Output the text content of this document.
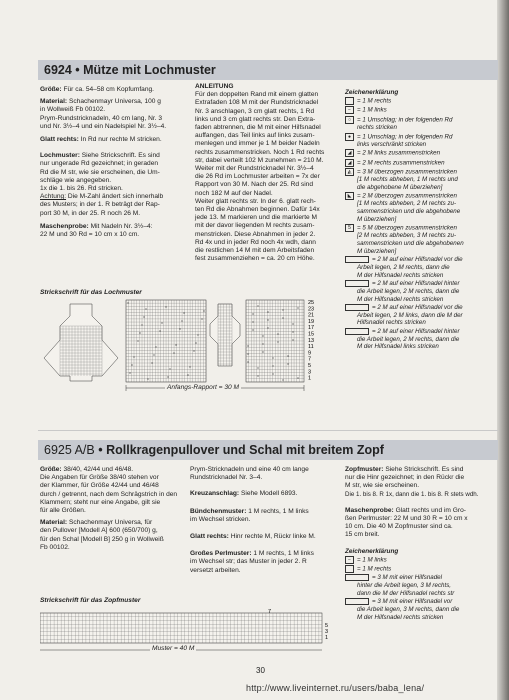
6924 • Mütze mit Lochmuster

Größe: Für ca. 54–58 cm Kopfumfang.

Material: Schachenmayr Universa, 100 g
in Wollweiß Fb 00102.
Prym-Rundstricknadeln, 40 cm lang, Nr. 3
und Nr. 3½–4 und ein Nadelspiel Nr. 3½–4.

Glatt rechts: In Rd nur rechte M stricken.

Lochmuster: Siehe Strickschrift. Es sind
nur ungerade Rd gezeichnet; in geraden
Rd die M str, wie sie erscheinen, die Um-
schläge wie angegeben.
1x die 1. bis 26. Rd stricken.
Achtung: Die M-Zahl ändert sich innerhalb
des Musters; in der 1. R beträgt der Rap-
port 30 M, in der 25. R noch 26 M.

Maschenprobe: Mit Nadeln Nr. 3½–4:
22 M und 30 Rd = 10 cm x 10 cm.

ANLEITUNG
Für den doppelten Rand mit einem glatten
Extrafaden 108 M mit der Rundstricknadel
Nr. 3 anschlagen, 3 cm glatt rechts, 1 Rd
links und 3 cm glatt rechts str. Den Extra-
faden abtrennen, die M mit einer Hilfsnadel
auffangen, das Teil links auf links zusam-
menlegen und immer je 1 M beider Nadeln
rechts zusammenstricken. Noch 1 Rd rechts
str, dabei verteilt 102 M zunehmen = 210 M.
Weiter mit der Rundstricknadel Nr. 3½–4
die 26 Rd im Lochmuster arbeiten = 7x der
Rapport von 30 M. Nach der 25. Rd sind
noch 182 M auf der Nadel.
Weiter glatt rechts str. In der 6. glatt rech-
ten Rd die Abnahmen beginnen. Dafür 14x
jede 13. M markieren und die markierte M
mit der davor liegenden M rechts zusam-
menstricken. Diese Abnahmen in jeder 2.
Rd 4x und in jeder Rd noch 4x wdh, dann
die restlichen 14 M mit dem Arbeitsfaden
fest zusammenziehen = ca. 20 cm Höhe.
Zeichenerklärung
= 1 M rechts
− = 1 M links
○ = 1 Umschlag; in der folgenden Rd
rechts stricken
● = 1 Umschlag; in der folgenden Rd
links verschränkt stricken
◢ = 2 M links zusammenstricken
◢ = 2 M rechts zusammenstricken
◭ = 3 M überzogen zusammenstricken
[1 M rechts abheben, 1 M rechts und
die abgehobene M überziehen]
◣ = 2 M überzogen zusammenstricken
[1 M rechts abheben, 2 M rechts zu-
sammenstricken und die abgehobene
M überziehen]
5 = 5 M überzogen zusammenstricken
[2 M rechts abheben, 3 M rechts zu-
sammenstricken und die abgehobenen
M überziehen]
= 2 M auf einer Hilfsnadel vor die
Arbeit legen, 2 M rechts, dann die
M der Hilfsnadel rechts stricken
= 2 M auf einer Hilfsnadel hinter
die Arbeit legen, 2 M rechts, dann die
M der Hilfsnadel rechts stricken
= 2 M auf einer Hilfsnadel vor die
Arbeit legen, 2 M links, dann die M der
Hilfsnadel rechts stricken
= 2 M auf einer Hilfsnadel hinter
die Arbeit legen, 2 M rechts, dann die
M der Hilfsnadel links stricken
Strickschrift für das Lochmuster
25
23
21
19
17
15
13
11
9
7
5
3
1
Anfangs-Rapport = 30 M
6925 A/B • Rollkragenpullover und Schal mit breitem Zopf

Größe: 38/40, 42/44 und 46/48.
Die Angaben für Größe 38/40 stehen vor
der Klammer, für Größe 42/44 und 46/48
durch / getrennt, nach dem Schrägstrich in den
Klammern; steht nur eine Angabe, gilt sie
für alle Größen.

Material: Schachenmayr Universa, für
den Pullover [Modell A] 600 (650/700) g,
für den Schal [Modell B] 250 g in Wollweiß
Fb 00102.

Prym-Stricknadeln und eine 40 cm lange
Rundstricknadel Nr. 3–4.

Kreuzanschlag: Siehe Modell 6893.

Bündchenmuster: 1 M rechts, 1 M links
im Wechsel stricken.

Glatt rechts: Hinr rechte M, Rückr linke M.

Großes Perlmuster: 1 M rechts, 1 M links
im Wechsel str; das Muster in jeder 2. R
versetzt arbeiten.

Zopfmuster: Siehe Strickschrift. Es sind
nur die Hinr gezeichnet; in den Rückr die
M str, wie sie erscheinen.
Die 1. bis 8. R 1x, dann die 1. bis 8. R stets wdh.

Maschenprobe: Glatt rechts und im Gro-
ßen Perlmuster: 22 M und 30 R = 10 cm x
10 cm. Die 40 M Zopfmuster sind ca.
15 cm breit.

Zeichenerklärung
− = 1 M links
= 1 M rechts
= 3 M mit einer Hilfsnadel
hinter die Arbeit legen, 3 M rechts,
dann die M der Hilfsnadel rechts str
= 3 M mit einer Hilfsnadel vor
die Arbeit legen, 3 M rechts, dann die
M der Hilfsnadel rechts stricken
Strickschrift für das Zopfmuster
7
5
3
1
Muster = 40 M
30
http://www.liveinternet.ru/users/baba_lena/
